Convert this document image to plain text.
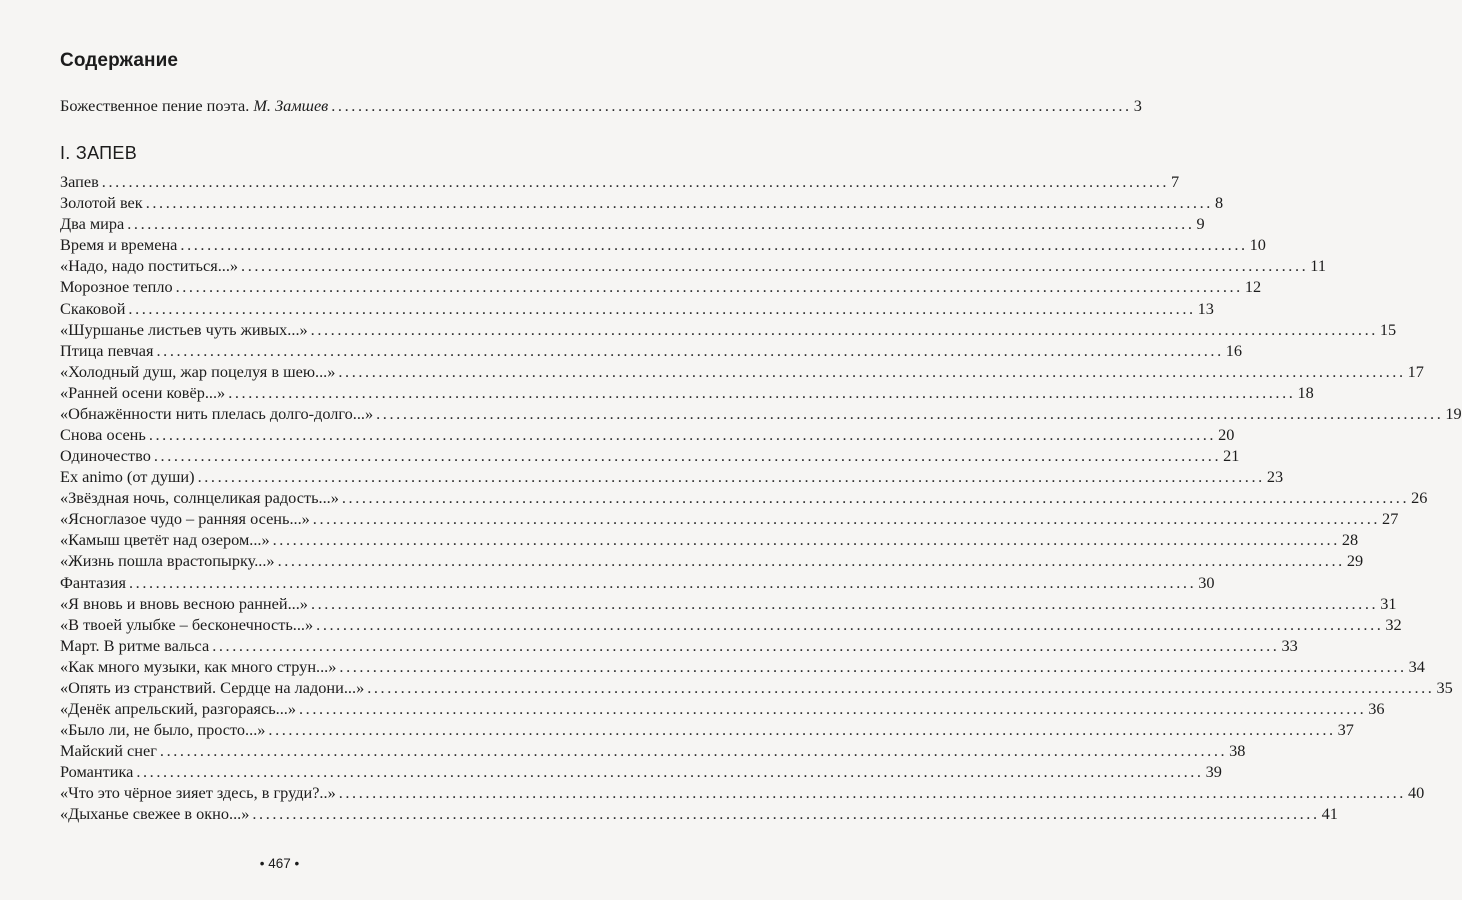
Содержание
Божественное пение поэта. М. Замшев ........................................................................................................................ 3
I. ЗАПЕВ
Запев ................................................................................................................................................................ 7
Золотой век ................................................................................................................................................................ 8
Два мира ................................................................................................................................................................ 9
Время и времена ................................................................................................................................................................ 10
«Надо, надо поститься...» ................................................................................................................................................................ 11
Морозное тепло ................................................................................................................................................................ 12
Скаковой ................................................................................................................................................................ 13
«Шуршанье листьев чуть живых...» ................................................................................................................................................................ 15
Птица певчая ................................................................................................................................................................ 16
«Холодный душ, жар поцелуя в шею...» ................................................................................................................................................................ 17
«Ранней осени ковёр...» ................................................................................................................................................................ 18
«Обнажённости нить плелась долго-долго...» ................................................................................................................................................................ 19
Снова осень ................................................................................................................................................................ 20
Одиночество ................................................................................................................................................................ 21
Ex animo (от души) ................................................................................................................................................................ 23
«Звёздная ночь, солнцеликая радость...» ................................................................................................................................................................ 26
«Ясноглазое чудо – ранняя осень...» ................................................................................................................................................................ 27
«Камыш цветёт над озером...» ................................................................................................................................................................ 28
«Жизнь пошла врастопырку...» ................................................................................................................................................................ 29
Фантазия ................................................................................................................................................................ 30
«Я вновь и вновь весною ранней...» ................................................................................................................................................................ 31
«В твоей улыбке – бесконечность...» ................................................................................................................................................................ 32
Март. В ритме вальса ................................................................................................................................................................ 33
«Как много музыки, как много струн...» ................................................................................................................................................................ 34
«Опять из странствий. Сердце на ладони...» ................................................................................................................................................................ 35
«Денёк апрельский, разгораясь...» ................................................................................................................................................................ 36
«Было ли, не было, просто...» ................................................................................................................................................................ 37
Майский снег ................................................................................................................................................................ 38
Романтика ................................................................................................................................................................ 39
«Что это чёрное зияет здесь, в груди?..» ................................................................................................................................................................ 40
«Дыханье свежее в окно...» ................................................................................................................................................................ 41
• 467 •
